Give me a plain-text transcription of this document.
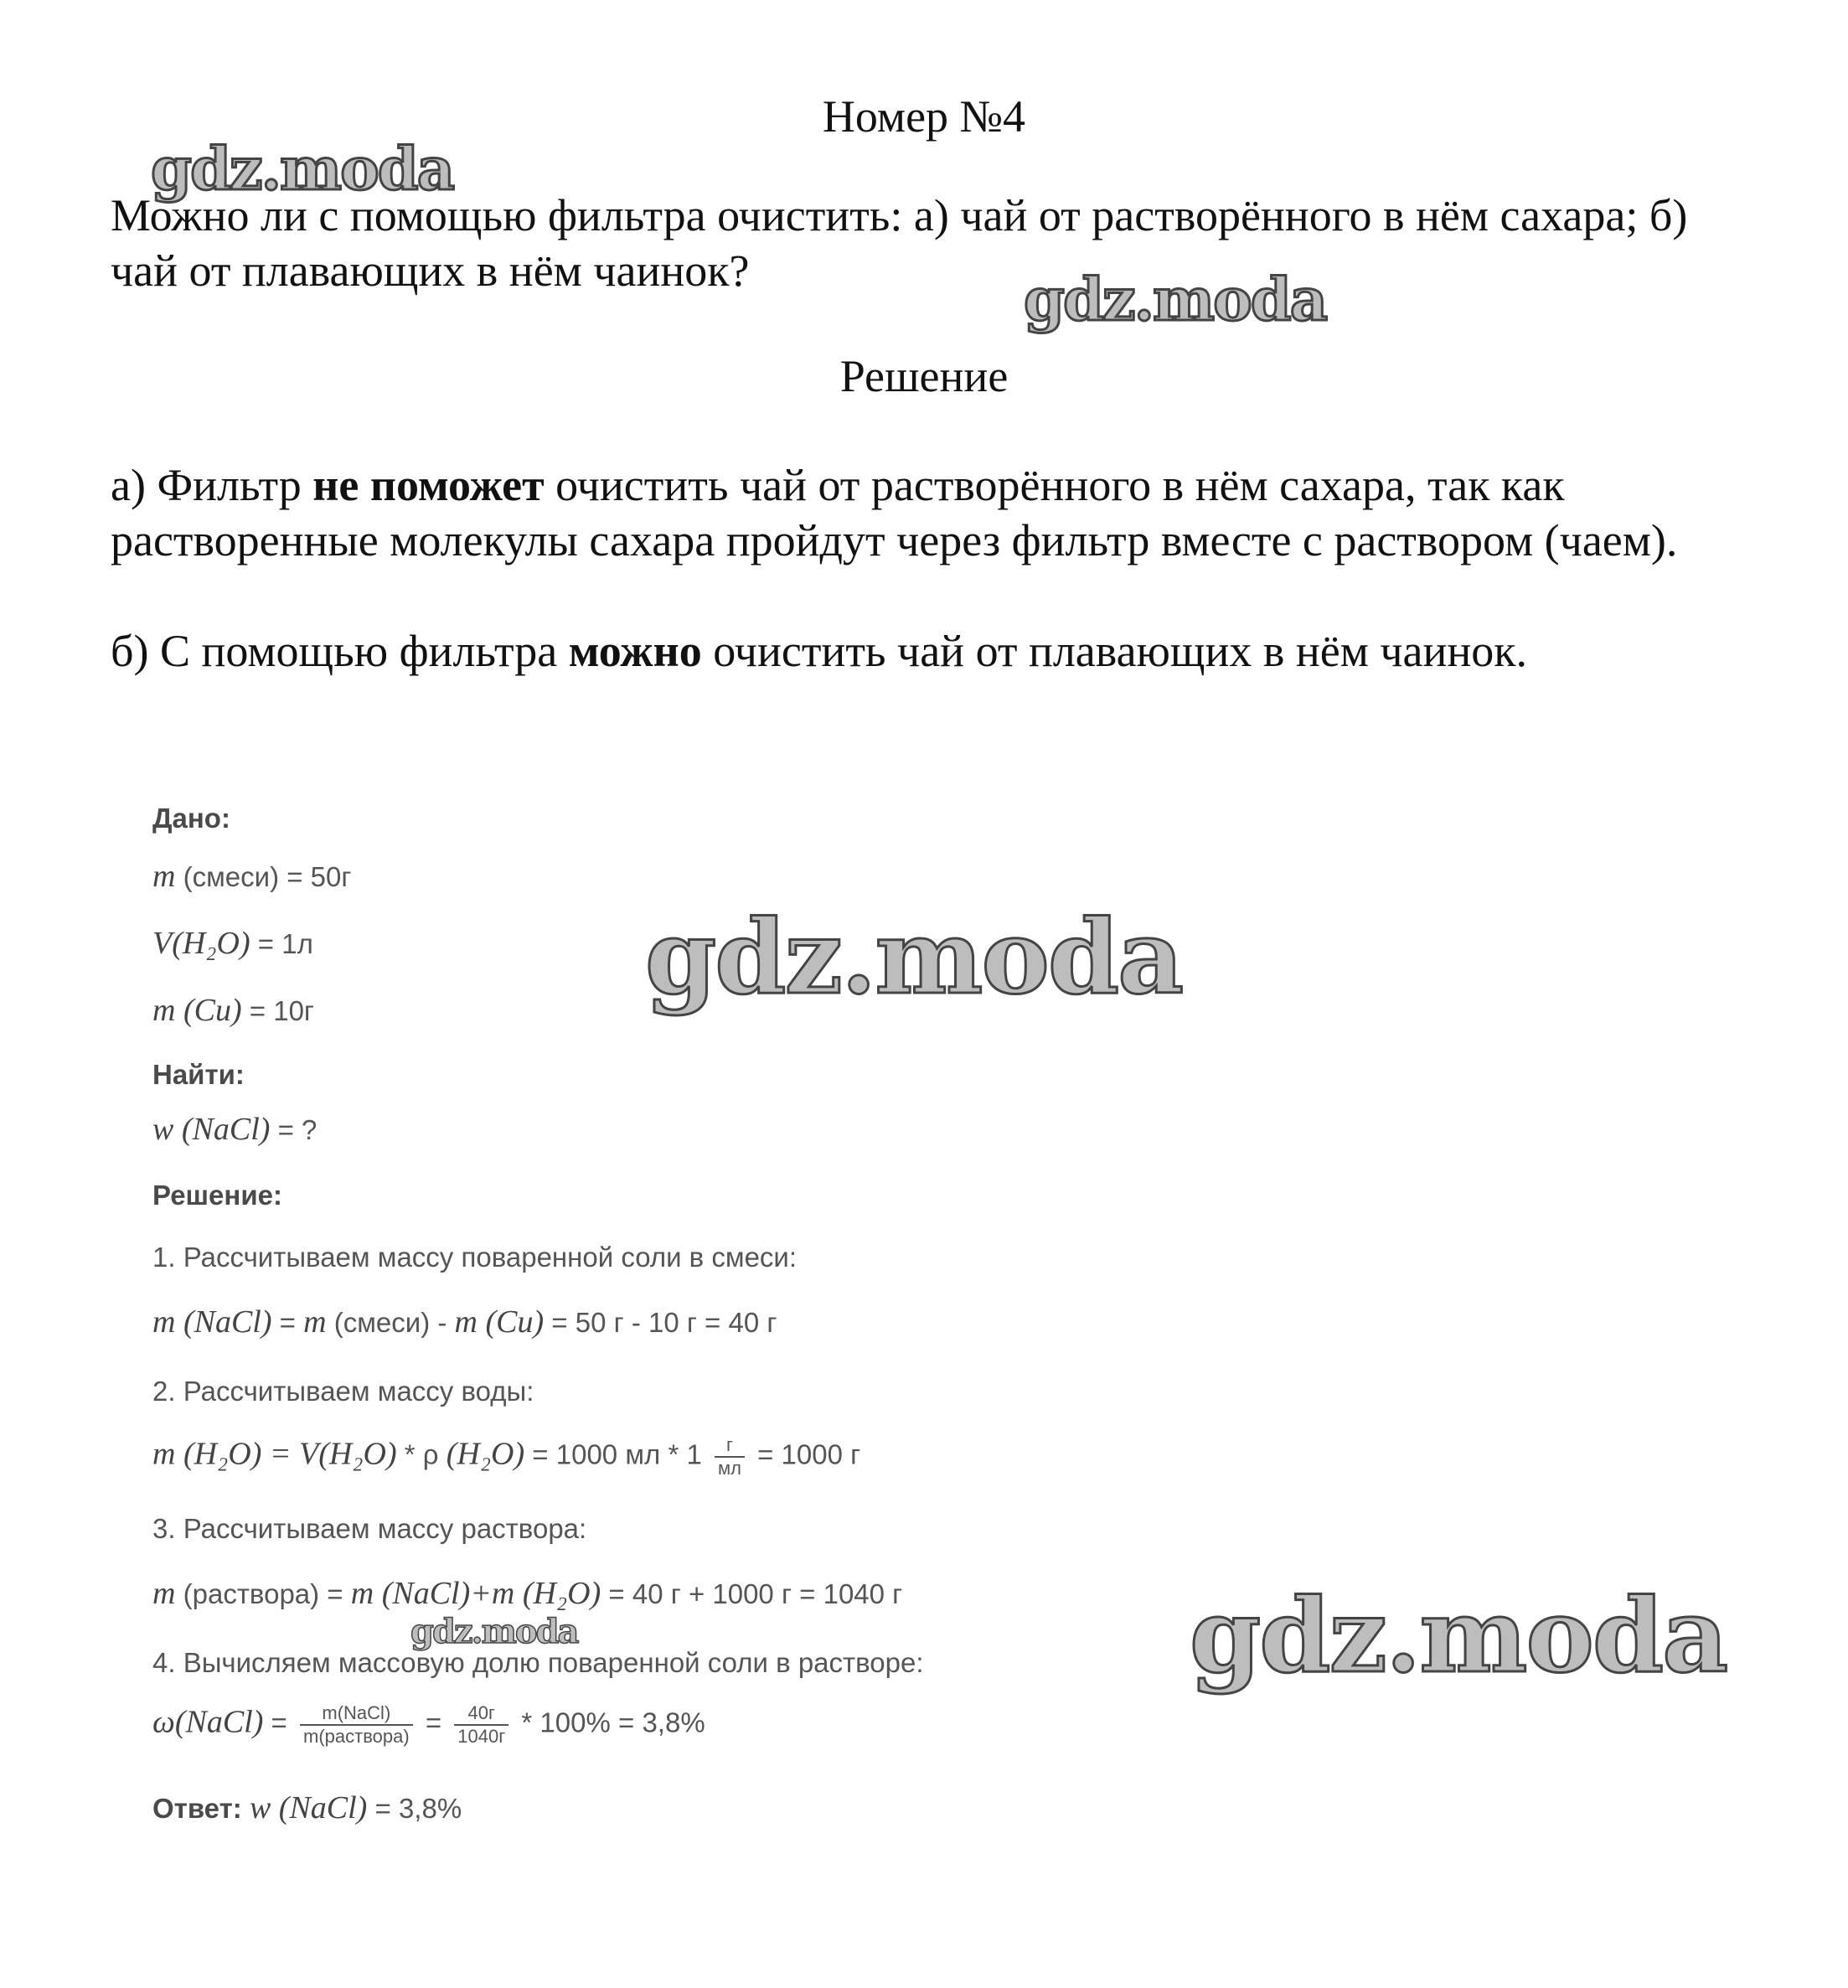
Номер №4
Можно ли с помощью фильтра очистить: а) чай от растворённого в нём сахара; б) чай от плавающих в нём чаинок?
Решение
а) Фильтр не поможет очистить чай от растворённого в нём сахара, так как растворенные молекулы сахара пройдут через фильтр вместе с раствором (чаем).
б) С помощью фильтра можно очистить чай от плавающих в нём чаинок.
Дано:
m (смеси) = 50г
V(H₂O) = 1л
m (Cu) = 10г
Найти:
w (NaCl) = ?
Решение:
1. Рассчитываем массу поваренной соли в смеси:
m (NaCl) = m (смеси) - m (Cu) = 50 г - 10 г = 40 г
2. Рассчитываем массу воды:
m (H₂O) = V(H₂O) * ρ (H₂O) = 1000 мл * $1 \frac{г}{мл} = 1000$ г
3. Рассчитываем массу раствора:
m (раствора) = m (NaCl)+m (H₂O) = 40 г + 1000 г = 1040 г
4. Вычисляем массовую долю поваренной соли в растворе:
ω(NaCl) = $\frac{\text{m(NaCl)}}{\text{m(раствора)}} = \frac{40г}{1040г} * 100\% = 3,8\%$
Ответ: w (NaCl) = 3,8%
gdz.moda
gdz.moda
gdz.moda
gdz.moda
gdz.moda
